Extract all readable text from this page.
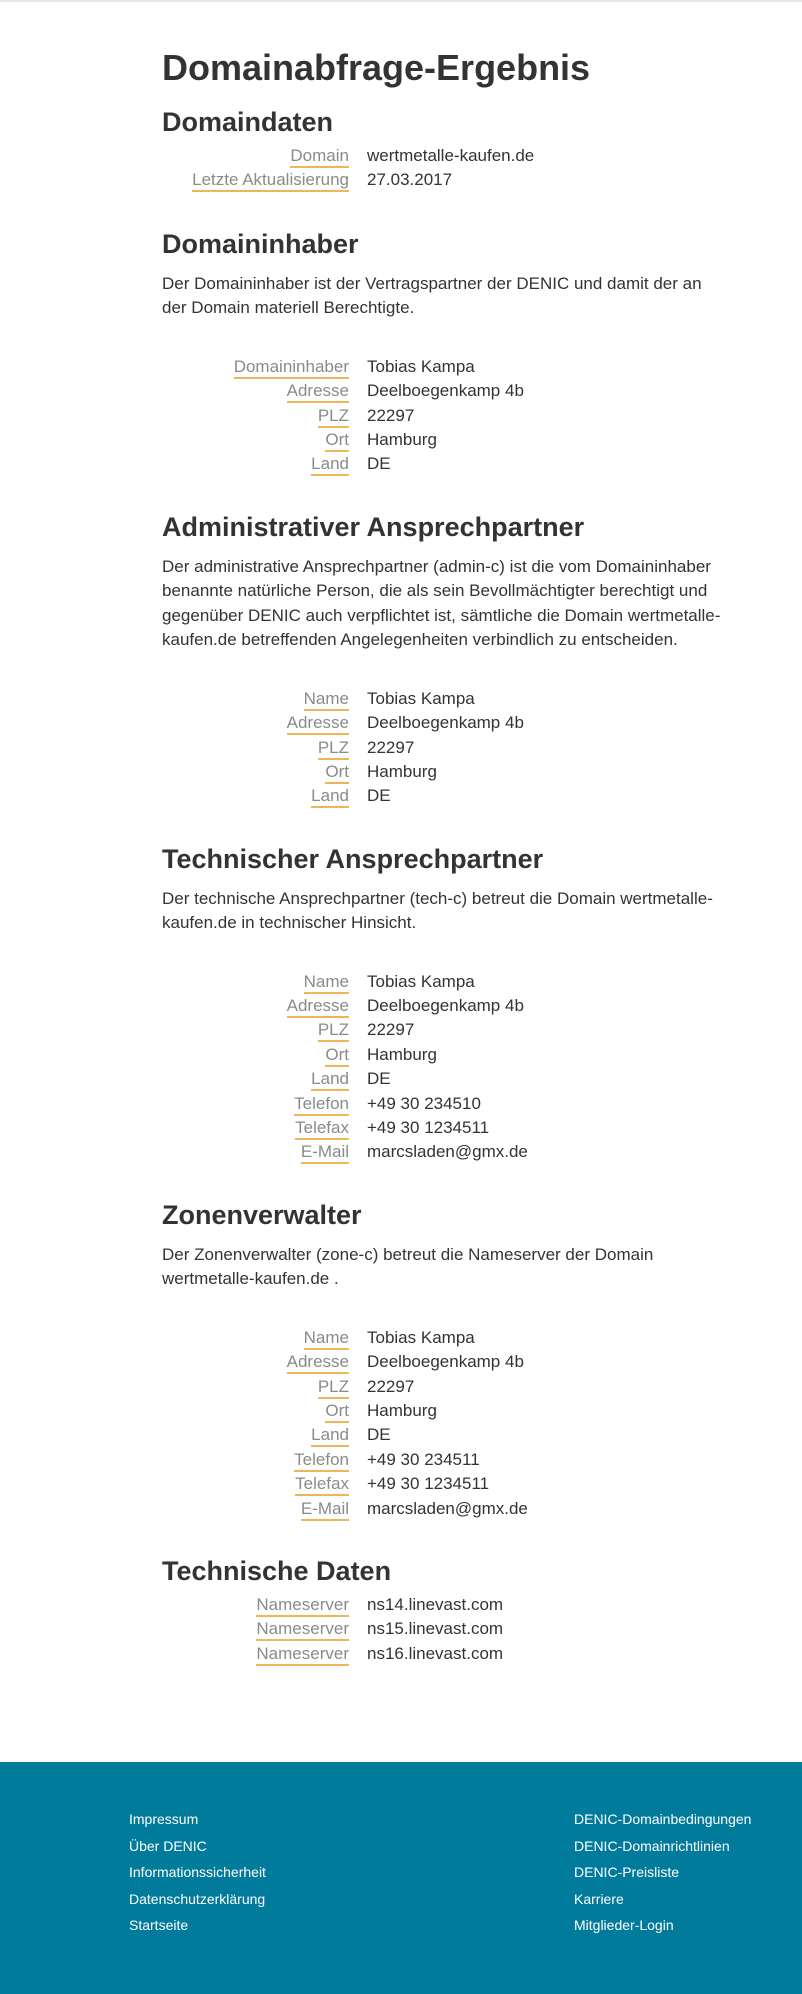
Domainabfrage-Ergebnis
Domaindaten
Domain	wertmetalle-kaufen.de
Letzte Aktualisierung	27.03.2017
Domaininhaber

Der Domaininhaber ist der Vertragspartner der DENIC und damit der an der Domain materiell Berechtigte.

Domaininhaber	Tobias Kampa
Adresse	Deelboegenkamp 4b
PLZ	22297
Ort	Hamburg
Land	DE
Administrativer Ansprechpartner

Der administrative Ansprechpartner (admin-c) ist die vom Domaininhaber benannte natürliche Person, die als sein Bevollmächtigter berechtigt und gegenüber DENIC auch verpflichtet ist, sämtliche die Domain wertmetalle-kaufen.de betreffenden Angelegenheiten verbindlich zu entscheiden.

Name	Tobias Kampa
Adresse	Deelboegenkamp 4b
PLZ	22297
Ort	Hamburg
Land	DE
Technischer Ansprechpartner

Der technische Ansprechpartner (tech-c) betreut die Domain wertmetalle-kaufen.de in technischer Hinsicht.

Name	Tobias Kampa
Adresse	Deelboegenkamp 4b
PLZ	22297
Ort	Hamburg
Land	DE
Telefon	+49 30 234510
Telefax	+49 30 1234511
E-Mail	marcsladen@gmx.de
Zonenverwalter

Der Zonenverwalter (zone-c) betreut die Nameserver der Domain wertmetalle-kaufen.de .

Name	Tobias Kampa
Adresse	Deelboegenkamp 4b
PLZ	22297
Ort	Hamburg
Land	DE
Telefon	+49 30 234511
Telefax	+49 30 1234511
E-Mail	marcsladen@gmx.de
Technische Daten
Nameserver	ns14.linevast.com
Nameserver	ns15.linevast.com
Nameserver	ns16.linevast.com
Impressum
Über DENIC
Informationssicherheit
Datenschutzerklärung
Startseite
DENIC-Domainbedingungen
DENIC-Domainrichtlinien
DENIC-Preisliste
Karriere
Mitglieder-Login
